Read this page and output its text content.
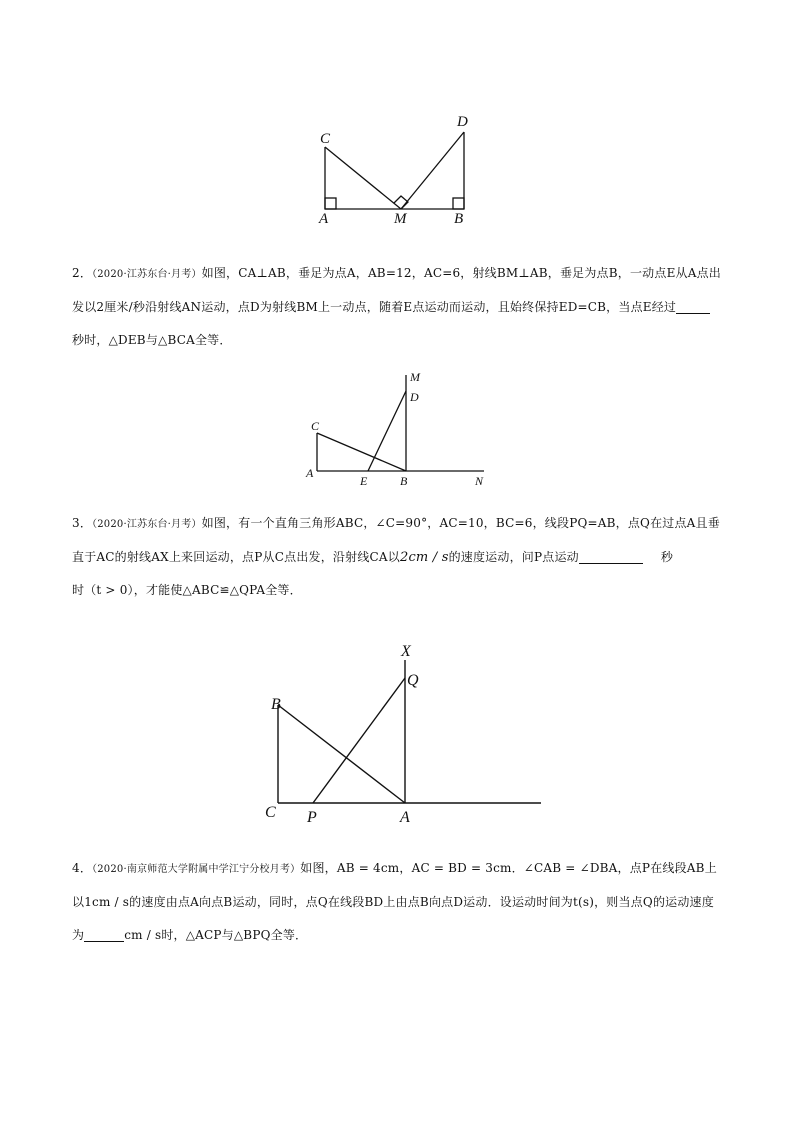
C
D
A	M	B
2．（2020·江苏东台·月考）如图，CA⊥AB，垂足为点A，AB=12，AC=6，射线BM⊥AB，垂足为点B，一动点E从A点出发以2厘米/秒沿射线AN运动，点D为射线BM上一动点，随着E点运动而运动，且始终保持ED=CB，当点E经过
秒时，△DEB与△BCA全等．
M
D
C
A
E	B	N
3．（2020·江苏东台·月考）如图，有一个直角三角形ABC，∠C=90°，AC=10，BC=6，线段PQ=AB，点Q在过点A且垂直于AC的射线AX上来回运动，点P从C点出发，沿射线CA以2cm / s的速度运动，问P点运动	秒
时（t > 0），才能使△ABC≌△QPA全等．
X
Q
B
C P	A
4．（2020·南京师范大学附属中学江宁分校月考）如图，AB = 4cm，AC = BD = 3cm．∠CAB = ∠DBA，点P在线段AB上以1cm / s的速度由点A向点B运动，同时，点Q在线段BD上由点B向点D运动．设运动时间为t(s)，则当点Q的运动速度为	cm / s时，△ACP与△BPQ全等．
